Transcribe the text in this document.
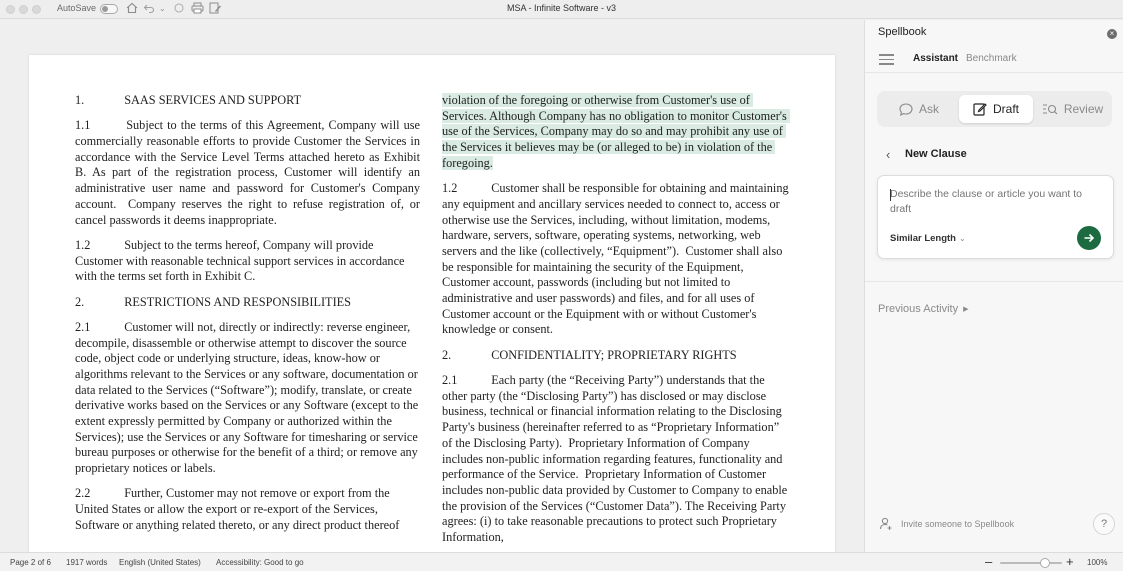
AutoSave	⌄	MSA - Infinite Software - v3
1.		SAAS SERVICES AND SUPPORT
1.1		Subject to the terms of this Agreement, Company will use commercially reasonable efforts to provide Customer the Services in accordance with the Service Level Terms attached hereto as Exhibit B. As part of the registration process, Customer will identify an administrative user name and password for Customer's Company account.  Company reserves the right to refuse registration of, or cancel passwords it deems inappropriate.
1.2		Subject to the terms hereof, Company will provide Customer with reasonable technical support services in accordance with the terms set forth in Exhibit C.
2.		RESTRICTIONS AND RESPONSIBILITIES
2.1		Customer will not, directly or indirectly: reverse engineer, decompile, disassemble or otherwise attempt to discover the source code, object code or underlying structure, ideas, know-how or algorithms relevant to the Services or any software, documentation or data related to the Services (“Software”); modify, translate, or create derivative works based on the Services or any Software (except to the extent expressly permitted by Company or authorized within the Services); use the Services or any Software for timesharing or service bureau purposes or otherwise for the benefit of a third; or remove any proprietary notices or labels.
2.2		Further, Customer may not remove or export from the United States or allow the export or re-export of the Services, Software or anything related thereto, or any direct product thereof
violation of the foregoing or otherwise from Customer's use of Services. Although Company has no obligation to monitor Customer's use of the Services, Company may do so and may prohibit any use of the Services it believes may be (or alleged to be) in violation of the foregoing.
1.2		Customer shall be responsible for obtaining and maintaining any equipment and ancillary services needed to connect to, access or otherwise use the Services, including, without limitation, modems, hardware, servers, software, operating systems, networking, web servers and the like (collectively, “Equipment”).  Customer shall also be responsible for maintaining the security of the Equipment, Customer account, passwords (including but not limited to administrative and user passwords) and files, and for all uses of Customer account or the Equipment with or without Customer's knowledge or consent.
2.		CONFIDENTIALITY; PROPRIETARY RIGHTS
2.1		Each party (the “Receiving Party”) understands that the other party (the “Disclosing Party”) has disclosed or may disclose business, technical or financial information relating to the Disclosing Party's business (hereinafter referred to as “Proprietary Information” of the Disclosing Party).  Proprietary Information of Company includes non-public information regarding features, functionality and performance of the Service.  Proprietary Information of Customer includes non-public data provided by Customer to Company to enable the provision of the Services (“Customer Data”). The Receiving Party agrees: (i) to take reasonable precautions to protect such Proprietary Information,
Spellbook	×
Assistant Benchmark
Ask	Draft	Review
‹ New Clause
Describe the clause or article you want to draft
Similar Length ⌄
Previous Activity ▶
Invite someone to Spellbook	?
Page 2 of 6 1917 words English (United States) Accessibility: Good to go	–	+ 100%
